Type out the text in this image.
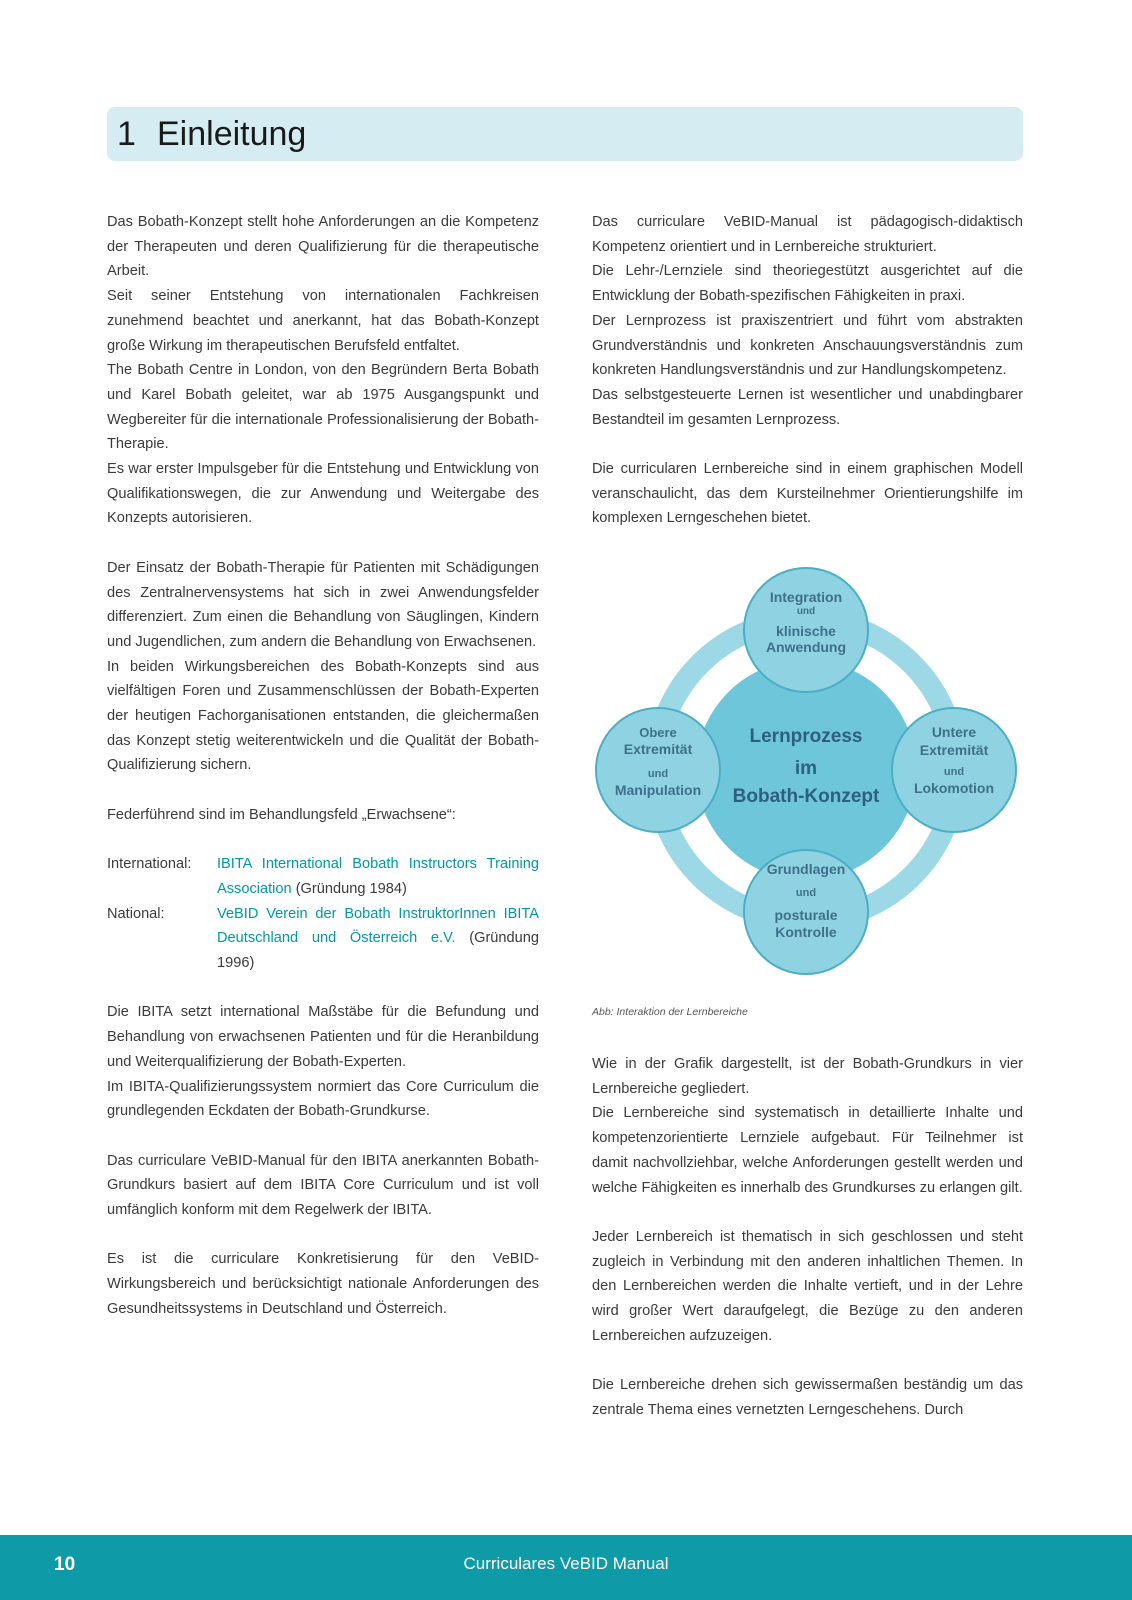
1 Einleitung

Das Bobath-Konzept stellt hohe Anforderungen an die Kompetenz der Therapeuten und deren Qualifizierung für die therapeutische Arbeit.

Seit seiner Entstehung von internationalen Fachkreisen zunehmend beachtet und anerkannt, hat das Bobath-Konzept große Wirkung im therapeutischen Berufsfeld entfaltet.

The Bobath Centre in London, von den Begründern Berta Bobath und Karel Bobath geleitet, war ab 1975 Ausgangspunkt und Wegbereiter für die internationale Professionalisierung der Bobath-Therapie.

Es war erster Impulsgeber für die Entstehung und Entwicklung von Qualifikationswegen, die zur Anwendung und Weitergabe des Konzepts autorisieren.

Der Einsatz der Bobath-Therapie für Patienten mit Schädigungen des Zentralnervensystems hat sich in zwei Anwendungsfelder differenziert. Zum einen die Behandlung von Säuglingen, Kindern und Jugendlichen, zum andern die Behandlung von Erwachsenen.

In beiden Wirkungsbereichen des Bobath-Konzepts sind aus vielfältigen Foren und Zusammenschlüssen der Bobath-Experten der heutigen Fachorganisationen entstanden, die gleichermaßen das Konzept stetig weiterentwickeln und die Qualität der Bobath-Qualifizierung sichern.

Federführend sind im Behandlungsfeld „Erwachsene“:

International:	IBITA International Bobath Instructors Training Association (Gründung 1984)
National:	VeBID Verein der Bobath InstruktorInnen IBITA Deutschland und Österreich e.V. (Gründung 1996)

Die IBITA setzt international Maßstäbe für die Befundung und Behandlung von erwachsenen Patienten und für die Heranbildung und Weiterqualifizierung der Bobath-Experten.

Im IBITA-Qualifizierungssystem normiert das Core Curriculum die grundlegenden Eckdaten der Bobath-Grundkurse.

Das curriculare VeBID-Manual für den IBITA anerkannten Bobath- Grundkurs basiert auf dem IBITA Core Curriculum und ist voll umfänglich konform mit dem Regelwerk der IBITA.

Es ist die curriculare Konkretisierung für den VeBID- Wirkungsbereich und berücksichtigt nationale Anforderungen des Gesundheitssystems in Deutschland und Österreich.

Das curriculare VeBID-Manual ist pädagogisch-didaktisch Kompetenz orientiert und in Lernbereiche strukturiert.

Die Lehr-/Lernziele sind theoriegestützt ausgerichtet auf die Entwicklung der Bobath-spezifischen Fähigkeiten in praxi.

Der Lernprozess ist praxiszentriert und führt vom abstrakten Grundverständnis und konkreten Anschauungsverständnis zum konkreten Handlungsverständnis und zur Handlungskompetenz.

Das selbstgesteuerte Lernen ist wesentlicher und unabdingbarer Bestandteil im gesamten Lernprozess.

Die curricularen Lernbereiche sind in einem graphischen Modell veranschaulicht, das dem Kursteilnehmer Orientierungshilfe im komplexen Lerngeschehen bietet.

Lernprozess
im
Bobath-Konzept
Integration
und
klinische
Anwendung
Obere
Extremität
und
Manipulation
Untere
Extremität
und
Lokomotion
Grundlagen
und
posturale
Kontrolle
Abb: Interaktion der Lernbereiche

Wie in der Grafik dargestellt, ist der Bobath-Grundkurs in vier Lernbereiche gegliedert.

Die Lernbereiche sind systematisch in detaillierte Inhalte und kompetenzorientierte Lernziele aufgebaut. Für Teilnehmer ist damit nachvollziehbar, welche Anforderungen gestellt werden und welche Fähigkeiten es innerhalb des Grundkurses zu erlangen gilt.

Jeder Lernbereich ist thematisch in sich geschlossen und steht zugleich in Verbindung mit den anderen inhaltlichen Themen. In den Lernbereichen werden die Inhalte vertieft, und in der Lehre wird großer Wert daraufgelegt, die Bezüge zu den anderen Lernbereichen aufzuzeigen.

Die Lernbereiche drehen sich gewissermaßen beständig um das zentrale Thema eines vernetzten Lerngeschehens. Durch

10	Curriculares VeBID Manual
